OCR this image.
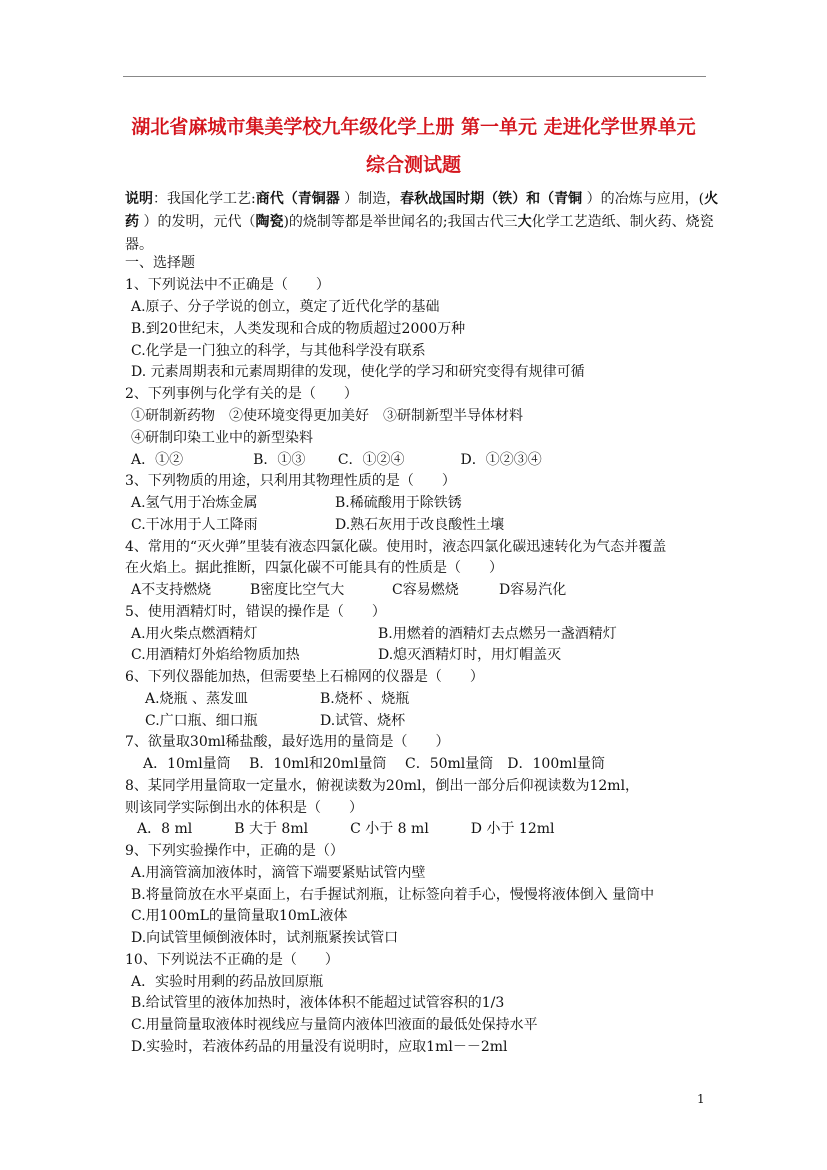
湖北省麻城市集美学校九年级化学上册 第一单元 走进化学世界单元
综合测试题
说明：我国化学工艺:商代（青铜器 ）制造，春秋战国时期（铁）和（青铜 ）的冶炼与应用，(火药 ）的发明，元代（陶瓷)的烧制等都是举世闻名的;我国古代三大化学工艺造纸、制火药、烧瓷器。
一、选择题
1、下列说法中不正确是（　　）
A.原子、分子学说的创立，奠定了近代化学的基础
B.到20世纪末，人类发现和合成的物质超过2000万种
C.化学是一门独立的科学，与其他科学没有联系
D. 元素周期表和元素周期律的发现，使化学的学习和研究变得有规律可循
2、下列事例与化学有关的是（　　）
①研制新药物　②使环境变得更加美好　③研制新型半导体材料
④研制印染工业中的新型染料
A．①②　　　　　B．①③　　 C．①②④　　　　D．①②③④
3、下列物质的用途，只利用其物理性质的是（　　）
A.氢气用于冶炼金属	B.稀硫酸用于除铁锈
C.干冰用于人工降雨	D.熟石灰用于改良酸性土壤
4、常用的“灭火弹”里装有液态四氯化碳。使用时，液态四氯化碳迅速转化为气态并覆盖
在火焰上。据此推断，四氯化碳不可能具有的性质是（　　）
A不支持燃烧	B密度比空气大	C容易燃烧	D容易汽化
5、使用酒精灯时，错误的操作是（　　）
A.用火柴点燃酒精灯	B.用燃着的酒精灯去点燃另一盏酒精灯
C.用酒精灯外焰给物质加热	D.熄灭酒精灯时，用灯帽盖灭
6、下列仪器能加热，但需要垫上石棉网的仪器是（　　）
A.烧瓶 、蒸发皿	B.烧杯 、烧瓶
C.广口瓶、细口瓶	D.试管、烧杯
7、欲量取30ml稀盐酸，最好选用的量筒是（　　）
A．10ml量筒　 B．10ml和20ml量筒　 C．50ml量筒　D．100ml量筒
8、某同学用量筒取一定量水，俯视读数为20ml，倒出一部分后仰视读数为12ml，
则该同学实际倒出水的体积是（　　）
A．8 ml　　　B 大于 8ml　　　C 小于 8 ml　　　D 小于 12ml
9、下列实验操作中，正确的是（）
A.用滴管滴加液体时，滴管下端要紧贴试管内壁
B.将量筒放在水平桌面上，右手握试剂瓶，让标签向着手心，慢慢将液体倒入 量筒中
C.用100mL的量筒量取10mL液体
D.向试管里倾倒液体时，试剂瓶紧挨试管口
10、下列说法不正确的是（　　）
A．实验时用剩的药品放回原瓶
B.给试管里的液体加热时，液体体积不能超过试管容积的1/3
C.用量筒量取液体时视线应与量筒内液体凹液面的最低处保持水平
D.实验时，若液体药品的用量没有说明时，应取1ml－－2ml
1
